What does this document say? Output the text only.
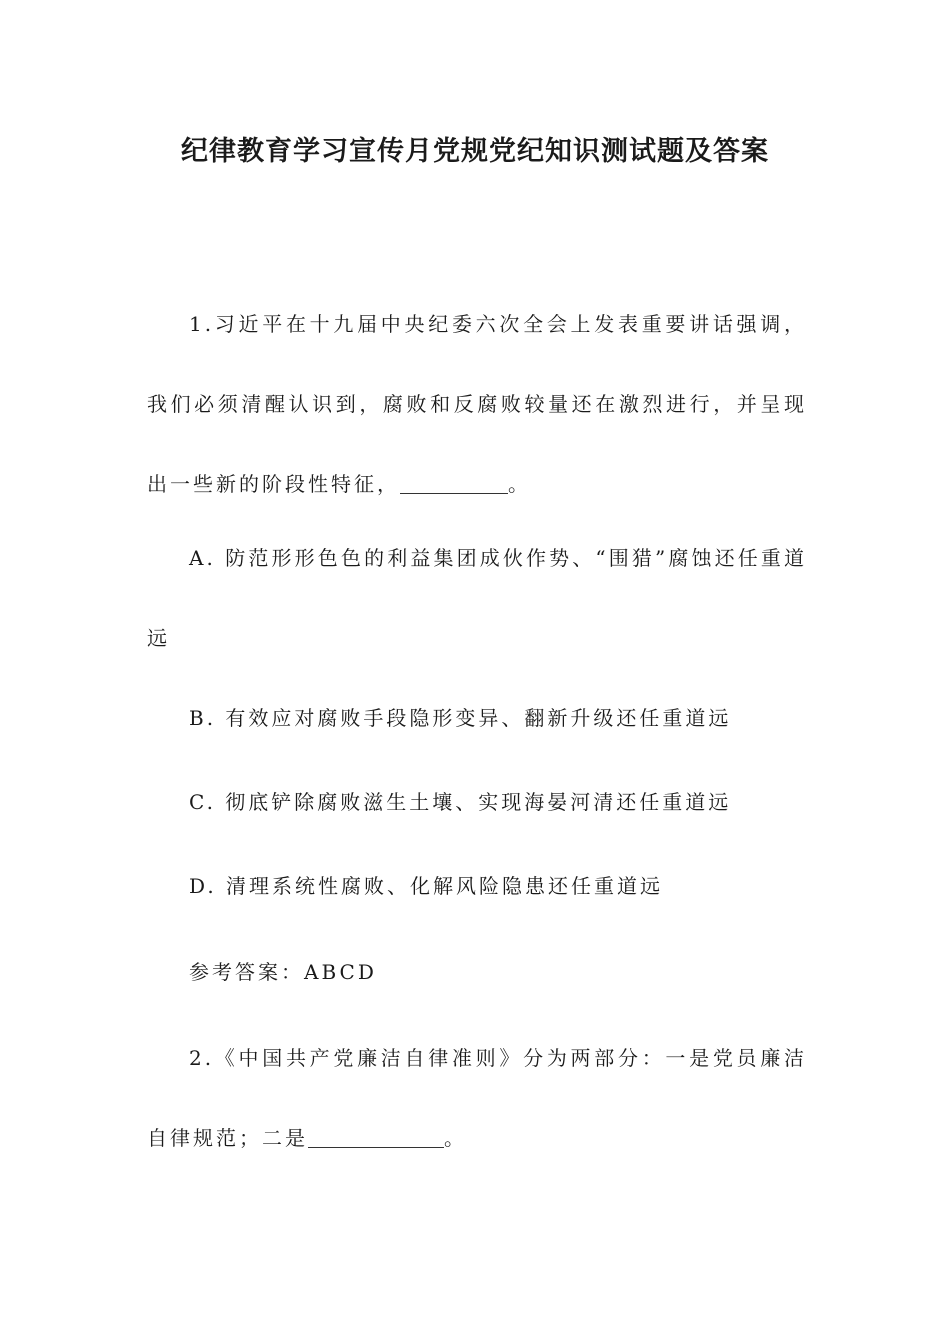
纪律教育学习宣传月党规党纪知识测试题及答案

1.习近平在十九届中央纪委六次全会上发表重要讲话强调，我们必须清醒认识到，腐败和反腐败较量还在激烈进行，并呈现出一些新的阶段性特征，	。

A. 防范形形色色的利益集团成伙作势、“围猎”腐蚀还任重道远

B. 有效应对腐败手段隐形变异、翻新升级还任重道远

C. 彻底铲除腐败滋生土壤、实现海晏河清还任重道远

D. 清理系统性腐败、化解风险隐患还任重道远

参考答案：ABCD

2.《中国共产党廉洁自律准则》分为两部分：一是党员廉洁自律规范；二是	。
